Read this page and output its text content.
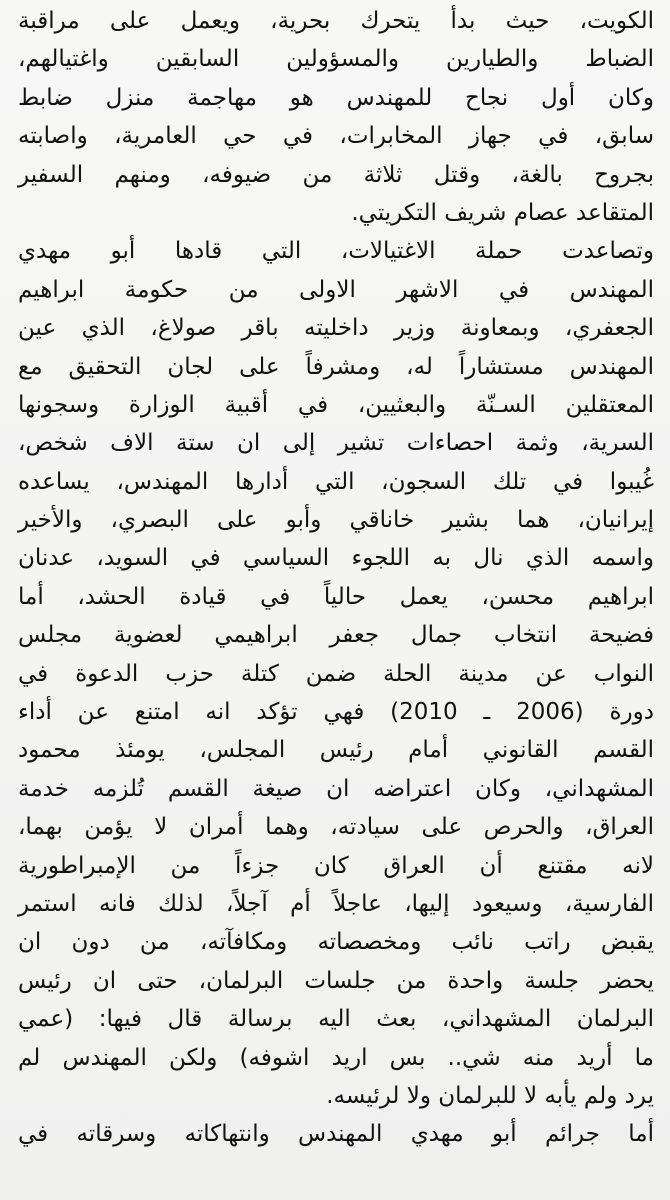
الكويت، حيث بدأ يتحرك بحرية، ويعمل على مراقبة
الضباط والطيارين والمسؤولين السابقين واغتيالهم،
وكان أول نجاح للمهندس هو مهاجمة منزل ضابط
سابق، في جهاز المخابرات، في حي العامرية، واصابته
بجروح بالغة، وقتل ثلاثة من ضيوفه، ومنهم السفير
المتقاعد عصام شريف التكريتي.
وتصاعدت حملة الاغتيالات، التي قادها أبو مهدي
المهندس في الاشهر الاولى من حكومة ابراهيم
الجعفري، وبمعاونة وزير داخليته باقر صولاغ، الذي عين
المهندس مستشاراً له، ومشرفاً على لجان التحقيق مع
المعتقلين السـنّة والبعثيين، في أقبية الوزارة وسجونها
السرية، وثمة احصاءات تشير إلى ان ستة الاف شخص،
غُيبوا في تلك السجون، التي أدارها المهندس، يساعده
إيرانيان، هما بشير خاناقي وأبو على البصري، والأخير
واسمه الذي نال به اللجوء السياسي في السويد، عدنان
ابراهيم محسن، يعمل حالياً في قيادة الحشد، أما
فضيحة انتخاب جمال جعفر ابراهيمي لعضوية مجلس
النواب عن مدينة الحلة ضمن كتلة حزب الدعوة في
دورة (2006 ـ 2010) فهي تؤكد انه امتنع عن أداء
القسم القانوني أمام رئيس المجلس، يومئذ محمود
المشهداني، وكان اعتراضه ان صيغة القسم تُلزمه خدمة
العراق، والحرص على سيادته، وهما أمران لا يؤمن بهما،
لانه مقتنع أن العراق كان جزءاً من الإمبراطورية
الفارسية، وسيعود إليها، عاجلاً أم آجلاً، لذلك فانه استمر
يقبض راتب نائب ومخصصاته ومكافآته، من دون ان
يحضر جلسة واحدة من جلسات البرلمان، حتى ان رئيس
البرلمان المشهداني، بعث اليه برسالة قال فيها: (عمي
ما أريد منه شي.. بس اريد اشوفه) ولكن المهندس لم
يرد ولم يأبه لا للبرلمان ولا لرئيسه.
أما جرائم أبو مهدي المهندس وانتهاكاته وسرقاته في
